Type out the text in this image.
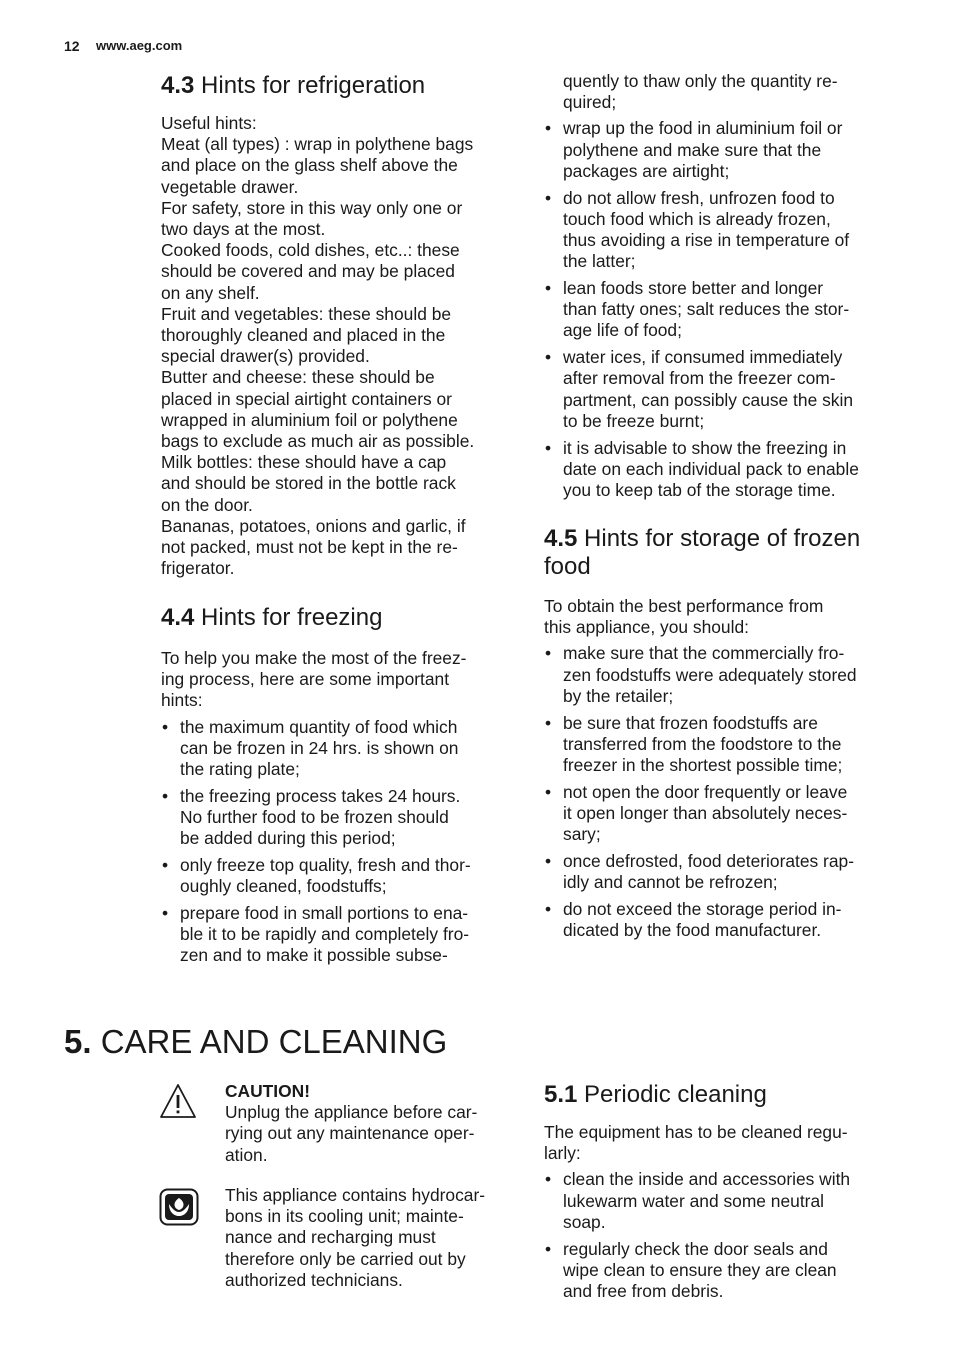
12 www.aeg.com
4.3 Hints for refrigeration

Useful hints:

Meat (all types) : wrap in polythene bags

and place on the glass shelf above the

vegetable drawer.

For safety, store in this way only one or

two days at the most.

Cooked foods, cold dishes, etc..: these

should be covered and may be placed

on any shelf.

Fruit and vegetables: these should be

thoroughly cleaned and placed in the

special drawer(s) provided.

Butter and cheese: these should be

placed in special airtight containers or

wrapped in aluminium foil or polythene

bags to exclude as much air as possible.

Milk bottles: these should have a cap

and should be stored in the bottle rack

on the door.

Bananas, potatoes, onions and garlic, if

not packed, must not be kept in the re-

frigerator.

4.4 Hints for freezing

To help you make the most of the freez-

ing process, here are some important

hints:

• the maximum quantity of food which

can be frozen in 24 hrs. is shown on

the rating plate;

• the freezing process takes 24 hours.

No further food to be frozen should

be added during this period;

• only freeze top quality, fresh and thor-

oughly cleaned, foodstuffs;

• prepare food in small portions to ena-

ble it to be rapidly and completely fro-

zen and to make it possible subse-

quently to thaw only the quantity re-

quired;

• wrap up the food in aluminium foil or

polythene and make sure that the

packages are airtight;

• do not allow fresh, unfrozen food to

touch food which is already frozen,

thus avoiding a rise in temperature of

the latter;

• lean foods store better and longer

than fatty ones; salt reduces the stor-

age life of food;

• water ices, if consumed immediately

after removal from the freezer com-

partment, can possibly cause the skin

to be freeze burnt;

• it is advisable to show the freezing in

date on each individual pack to enable

you to keep tab of the storage time.

4.5 Hints for storage of frozen
food

To obtain the best performance from

this appliance, you should:

• make sure that the commercially fro-

zen foodstuffs were adequately stored

by the retailer;

• be sure that frozen foodstuffs are

transferred from the foodstore to the

freezer in the shortest possible time;

• not open the door frequently or leave

it open longer than absolutely neces-

sary;

• once defrosted, food deteriorates rap-

idly and cannot be refrozen;

• do not exceed the storage period in-

dicated by the food manufacturer.

5. CARE AND CLEANING

CAUTION!

Unplug the appliance before car-

rying out any maintenance oper-

ation.

This appliance contains hydrocar-

bons in its cooling unit; mainte-

nance and recharging must

therefore only be carried out by

authorized technicians.

5.1 Periodic cleaning

The equipment has to be cleaned regu-

larly:

• clean the inside and accessories with

lukewarm water and some neutral

soap.

• regularly check the door seals and

wipe clean to ensure they are clean

and free from debris.
